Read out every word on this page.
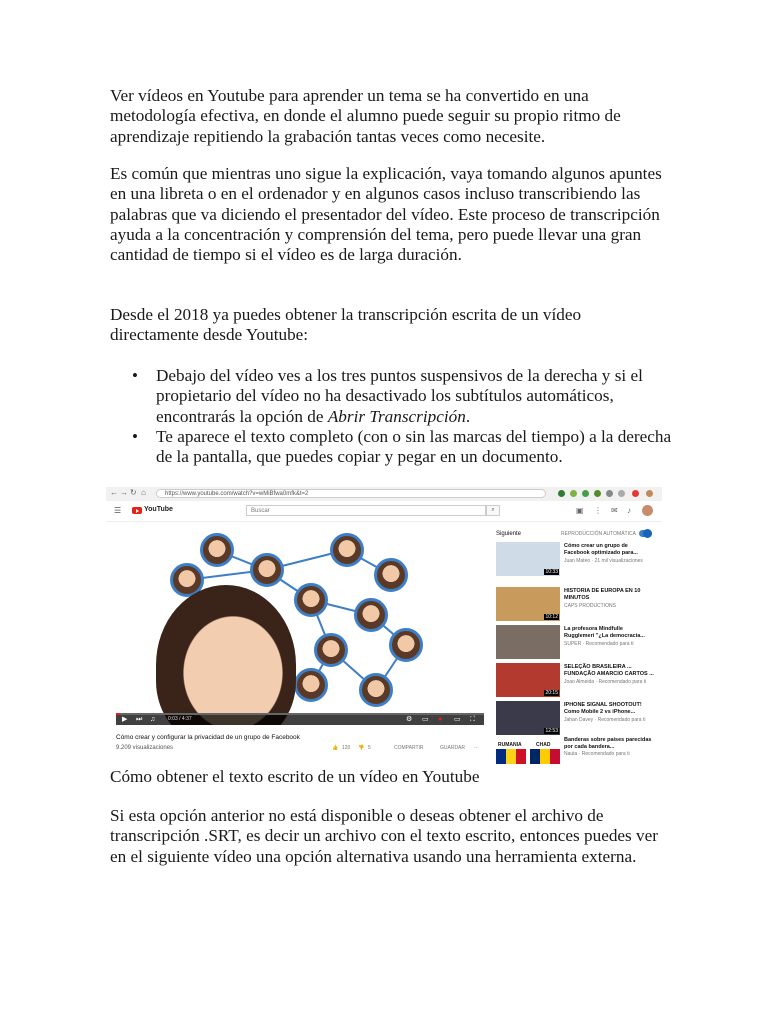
Ver vídeos en Youtube para aprender un tema se ha convertido en una metodología efectiva, en donde el alumno puede seguir su propio ritmo de aprendizaje repitiendo la grabación tantas veces como necesite.

Es común que mientras uno sigue la explicación, vaya tomando algunos apuntes en una libreta o en el ordenador y en algunos casos incluso transcribiendo las palabras que va diciendo el presentador del vídeo. Este proceso de transcripción ayuda a la concentración y comprensión del tema, pero puede llevar una gran cantidad de tiempo si el vídeo es de larga duración.

Desde el 2018 ya puedes obtener la transcripción escrita de un vídeo directamente desde Youtube:

• Debajo del vídeo ves a los tres puntos suspensivos de la derecha y si el propietario del vídeo no ha desactivado los subtítulos automáticos, encontrarás la opción de Abrir Transcripción.
• Te aparece el texto completo (con o sin las marcas del tiempo) a la derecha de la pantalla, que puedes copiar y pegar en un documento.
← → ↻ ⌂	https://www.youtube.com/watch?v=wMiBfwa0mfk&t=2
☰	YouTube	Buscar	⌕	▣ ⋮ ✉ ♪
▶ ⏭ ♫	0:03 / 4:37	⚙ ▭ ● ▭ ⛶
Cómo crear y configurar la privacidad de un grupo de Facebook
9.209 visualizaciones	👍 120 👎 5	COMPARTIR	GUARDAR ⋯
Siguiente	REPRODUCCIÓN AUTOMÁTICA
10:33
Cómo crear un grupo de Facebook optimizado para...
Juan Mateo · 21 mil visualizaciones
10:12
HISTORIA DE EUROPA EN 10 MINUTOS
CAPS PRODUCTIONS
La profesora Mindfulle Rugglemeri "¿La democracia...
SUPER · Recomendado para ti
20:15
SELEÇÃO BRASILEIRA ... FUNDAÇÃO AMARCIO CARTOS ...
Joao Almeida · Recomendado para ti
12:53
IPHONE SIGNAL SHOOTOUT! Como Mobile 2 vs iPhone...
Jahan Davey · Recomendado para ti
Banderas sobre países parecidas por cada bandera...
Nauta · Recomendado para ti
RUMANIA	CHAD

Cómo obtener el texto escrito de un vídeo en Youtube

Si esta opción anterior no está disponible o deseas obtener el archivo de transcripción .SRT, es decir un archivo con el texto escrito, entonces puedes ver en el siguiente vídeo una opción alternativa usando una herramienta externa.
